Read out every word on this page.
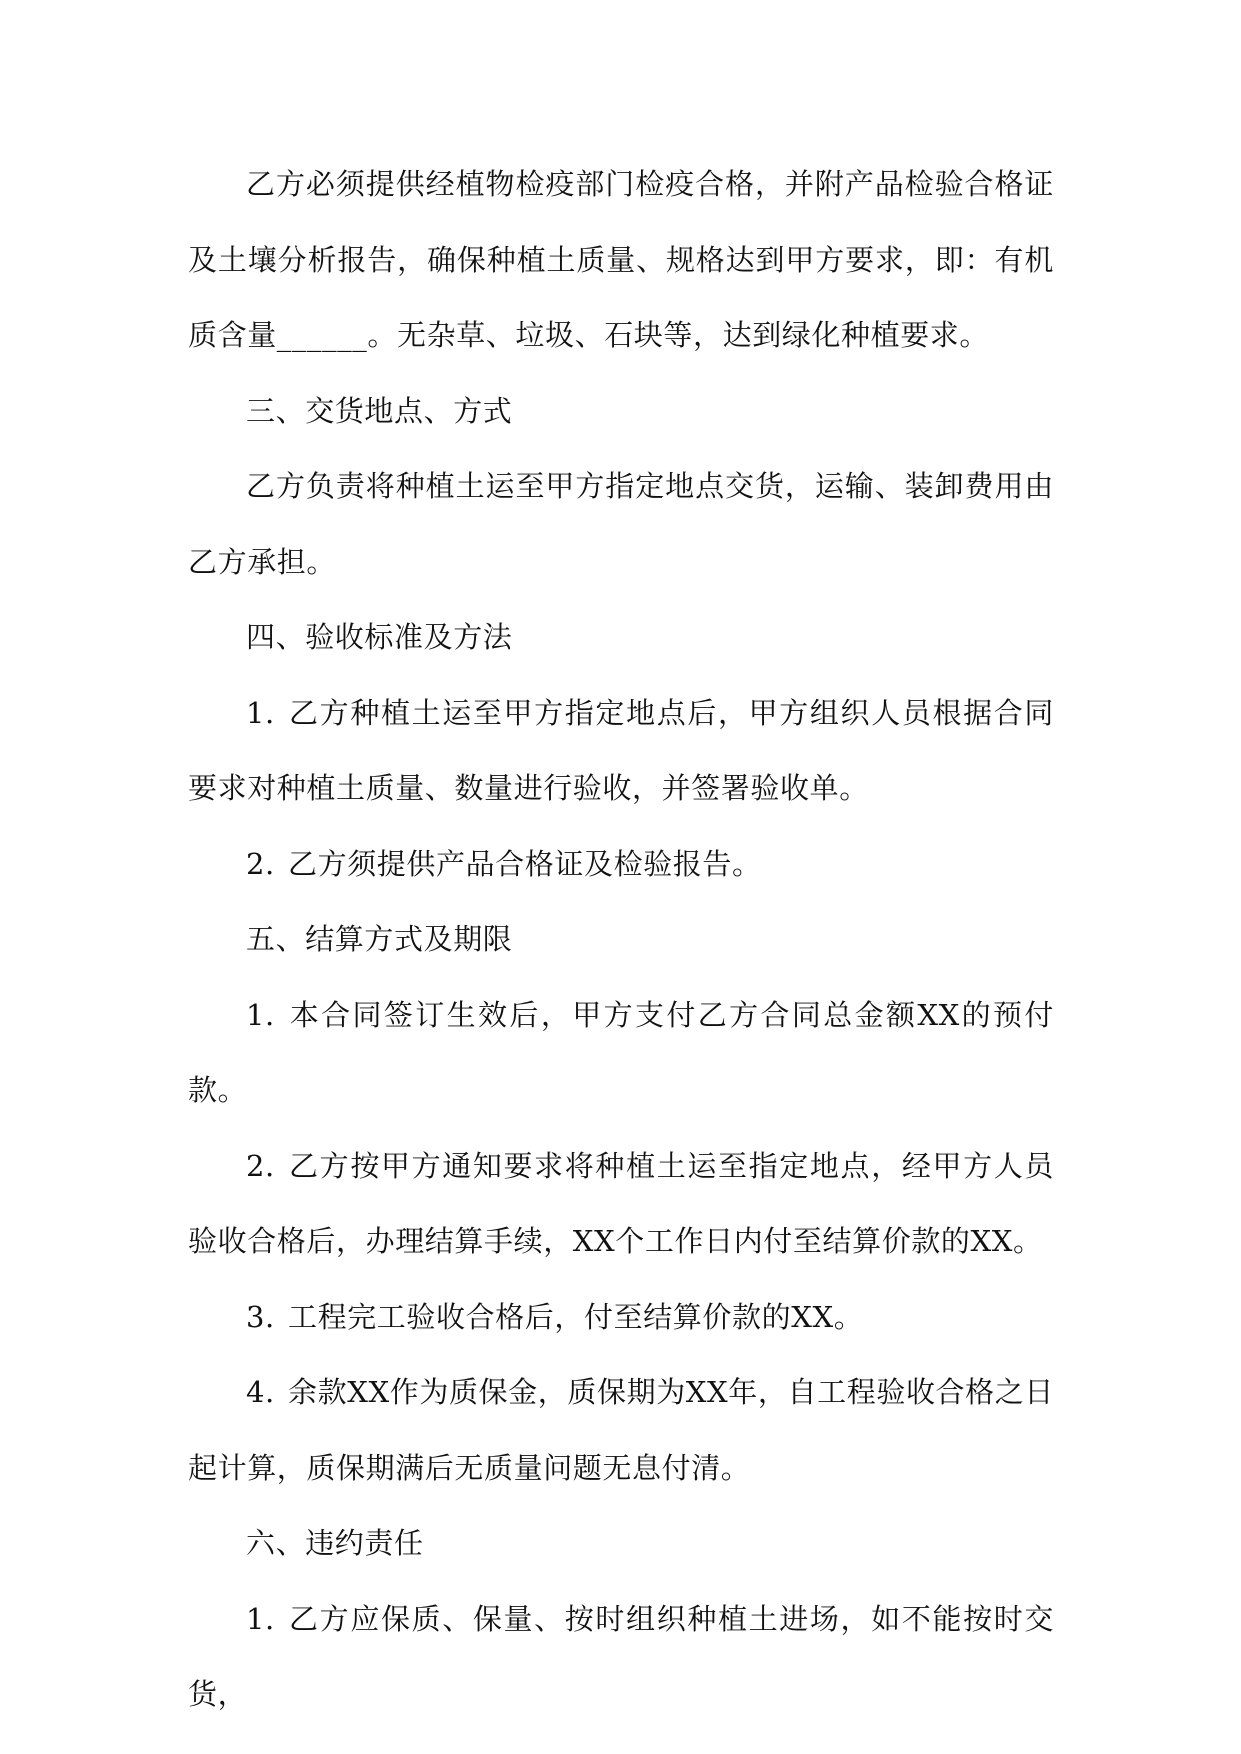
乙方必须提供经植物检疫部门检疫合格，并附产品检验合格证及土壤分析报告，确保种植土质量、规格达到甲方要求，即：有机质含量______。无杂草、垃圾、石块等，达到绿化种植要求。

三、交货地点、方式

乙方负责将种植土运至甲方指定地点交货，运输、装卸费用由乙方承担。

四、验收标准及方法

1. 乙方种植土运至甲方指定地点后，甲方组织人员根据合同要求对种植土质量、数量进行验收，并签署验收单。

2. 乙方须提供产品合格证及检验报告。

五、结算方式及期限

1. 本合同签订生效后，甲方支付乙方合同总金额XX的预付款。

2. 乙方按甲方通知要求将种植土运至指定地点，经甲方人员验收合格后，办理结算手续，XX个工作日内付至结算价款的XX。

3. 工程完工验收合格后，付至结算价款的XX。

4. 余款XX作为质保金，质保期为XX年，自工程验收合格之日起计算，质保期满后无质量问题无息付清。

六、违约责任

1. 乙方应保质、保量、按时组织种植土进场，如不能按时交货，
